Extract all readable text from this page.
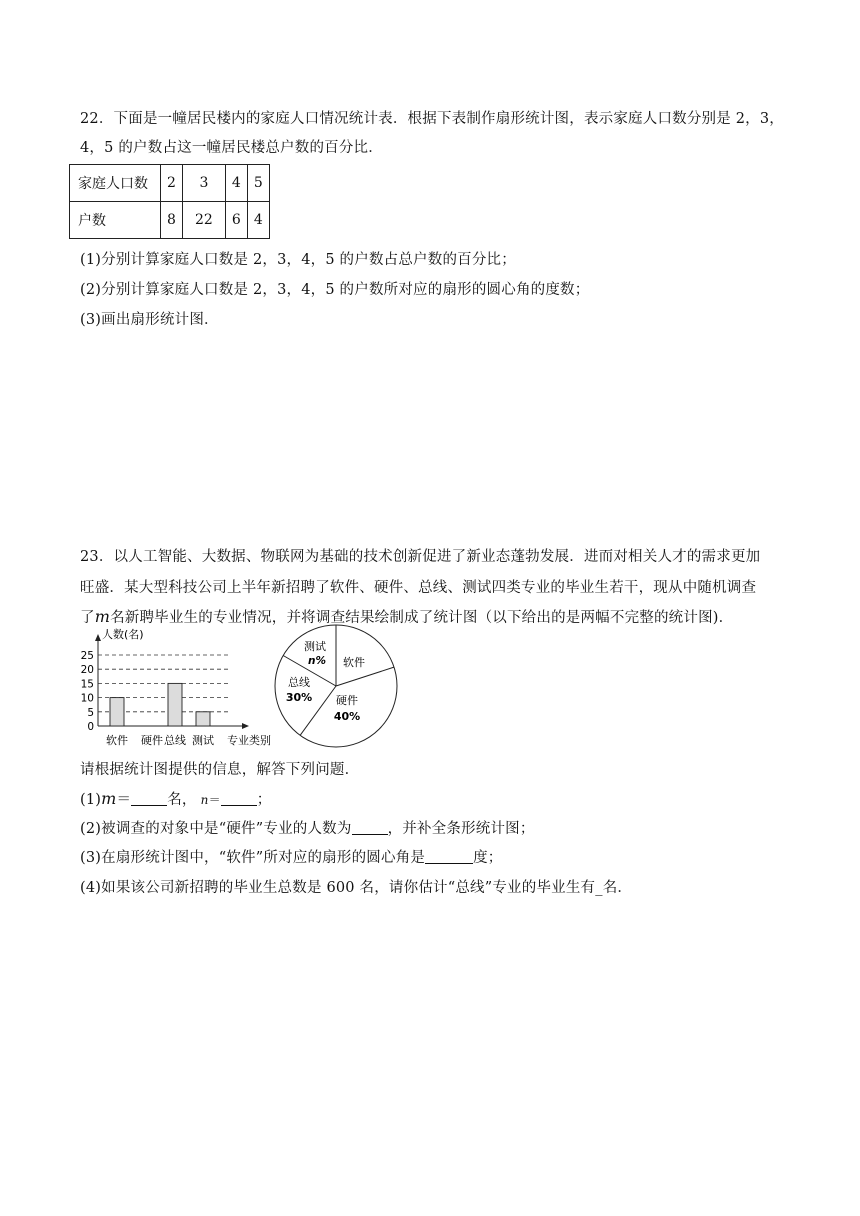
22．下面是一幢居民楼内的家庭人口情况统计表．根据下表制作扇形统计图，表示家庭人口数分别是 2，3，
4，5 的户数占这一幢居民楼总户数的百分比．
家庭人口数	2	3	4	5
户数	8	22	6	4
(1)分别计算家庭人口数是 2，3，4，5 的户数占总户数的百分比；
(2)分别计算家庭人口数是 2，3，4，5 的户数所对应的扇形的圆心角的度数；
(3)画出扇形统计图．
23．以人工智能、大数据、物联网为基础的技术创新促进了新业态蓬勃发展．进而对相关人才的需求更加
旺盛．某大型科技公司上半年新招聘了软件、硬件、总线、测试四类专业的毕业生若干，现从中随机调查
了m名新聘毕业生的专业情况，并将调查结果绘制成了统计图（以下给出的是两幅不完整的统计图)．
0
5
10
15
20
25
软件 硬件 总线 测试
人数(名)
专业类别
测试
n% 软件
总线
30% 硬件
40%
请根据统计图提供的信息，解答下列问题．
(1)m＝ 名， n＝ ；
(2)被调查的对象中是“硬件”专业的人数为 ，并补全条形统计图；
(3)在扇形统计图中，“软件”所对应的扇形的圆心角是	度；
(4)如果该公司新招聘的毕业生总数是 600 名，请你估计“总线”专业的毕业生有_名．
